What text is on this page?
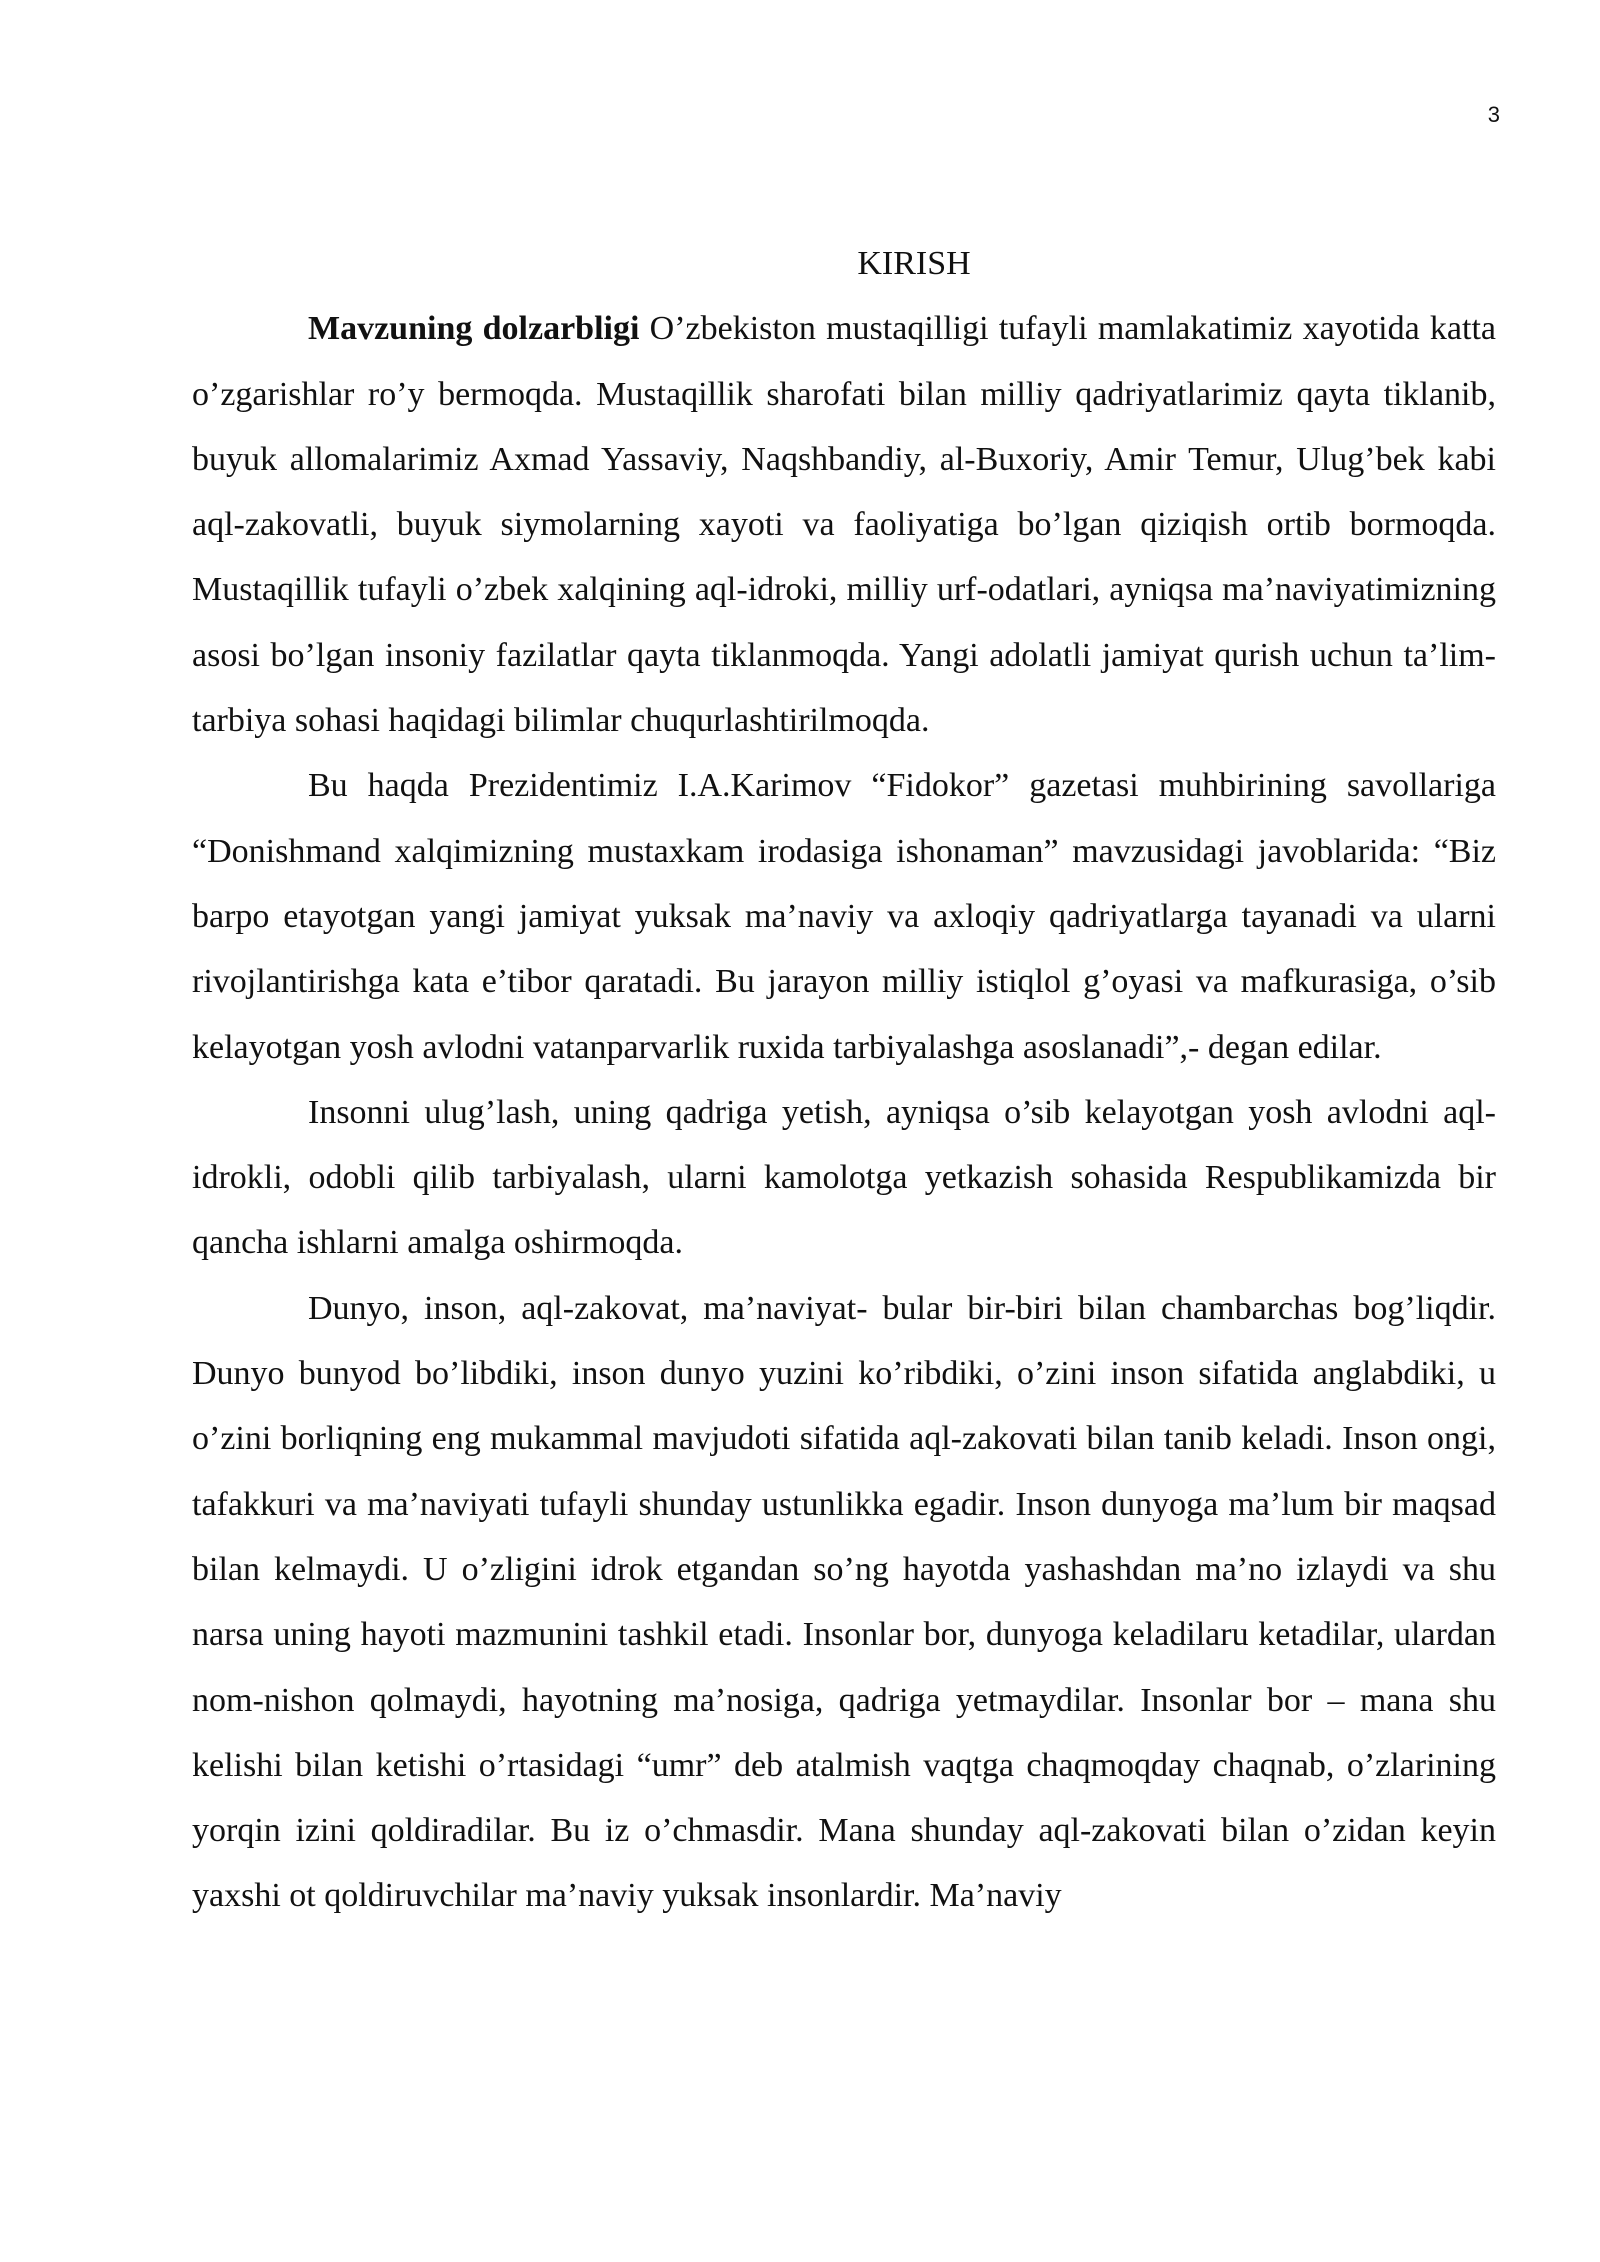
3
KIRISH

Mavzuning dolzarbligi O’zbekiston mustaqilligi tufayli mamlakatimiz xayotida katta o’zgarishlar ro’y bermoqda. Mustaqillik sharofati bilan milliy qadriyatlarimiz qayta tiklanib, buyuk allomalarimiz Axmad Yassaviy, Naqshbandiy, al-Buxoriy, Amir Temur, Ulug’bek kabi aql-zakovatli, buyuk siymolarning xayoti va faoliyatiga bo’lgan qiziqish ortib bormoqda. Mustaqillik tufayli o’zbek xalqining aql-idroki, milliy urf-odatlari, ayniqsa ma’naviyatimizning asosi bo’lgan insoniy fazilatlar qayta tiklanmoqda. Yangi adolatli jamiyat qurish uchun ta’lim-tarbiya sohasi haqidagi bilimlar chuqurlashtirilmoqda.

Bu haqda Prezidentimiz I.A.Karimov “Fidokor” gazetasi muhbirining savollariga “Donishmand xalqimizning mustaxkam irodasiga ishonaman” mavzusidagi javoblarida: “Biz barpo etayotgan yangi jamiyat yuksak ma’naviy va axloqiy qadriyatlarga tayanadi va ularni rivojlantirishga kata e’tibor qaratadi. Bu jarayon milliy istiqlol g’oyasi va mafkurasiga, o’sib kelayotgan yosh avlodni vatanparvarlik ruxida tarbiyalashga asoslanadi”,- degan edilar.

Insonni ulug’lash, uning qadriga yetish, ayniqsa o’sib kelayotgan yosh avlodni aql-idrokli, odobli qilib tarbiyalash, ularni kamolotga yetkazish sohasida Respublikamizda bir qancha ishlarni amalga oshirmoqda.

Dunyo, inson, aql-zakovat, ma’naviyat- bular bir-biri bilan chambarchas bog’liqdir. Dunyo bunyod bo’libdiki, inson dunyo yuzini ko’ribdiki, o’zini inson sifatida anglabdiki, u o’zini borliqning eng mukammal mavjudoti sifatida aql-zakovati bilan tanib keladi. Inson ongi, tafakkuri va ma’naviyati tufayli shunday ustunlikka egadir. Inson dunyoga ma’lum bir maqsad bilan kelmaydi. U o’zligini idrok etgandan so’ng hayotda yashashdan ma’no izlaydi va shu narsa uning hayoti mazmunini tashkil etadi. Insonlar bor, dunyoga keladilaru ketadilar, ulardan nom-nishon qolmaydi, hayotning ma’nosiga, qadriga yetmaydilar. Insonlar bor – mana shu kelishi bilan ketishi o’rtasidagi “umr” deb atalmish vaqtga chaqmoqday chaqnab, o’zlarining yorqin izini qoldiradilar. Bu iz o’chmasdir. Mana shunday aql-zakovati bilan o’zidan keyin yaxshi ot qoldiruvchilar ma’naviy yuksak insonlardir. Ma’naviy
